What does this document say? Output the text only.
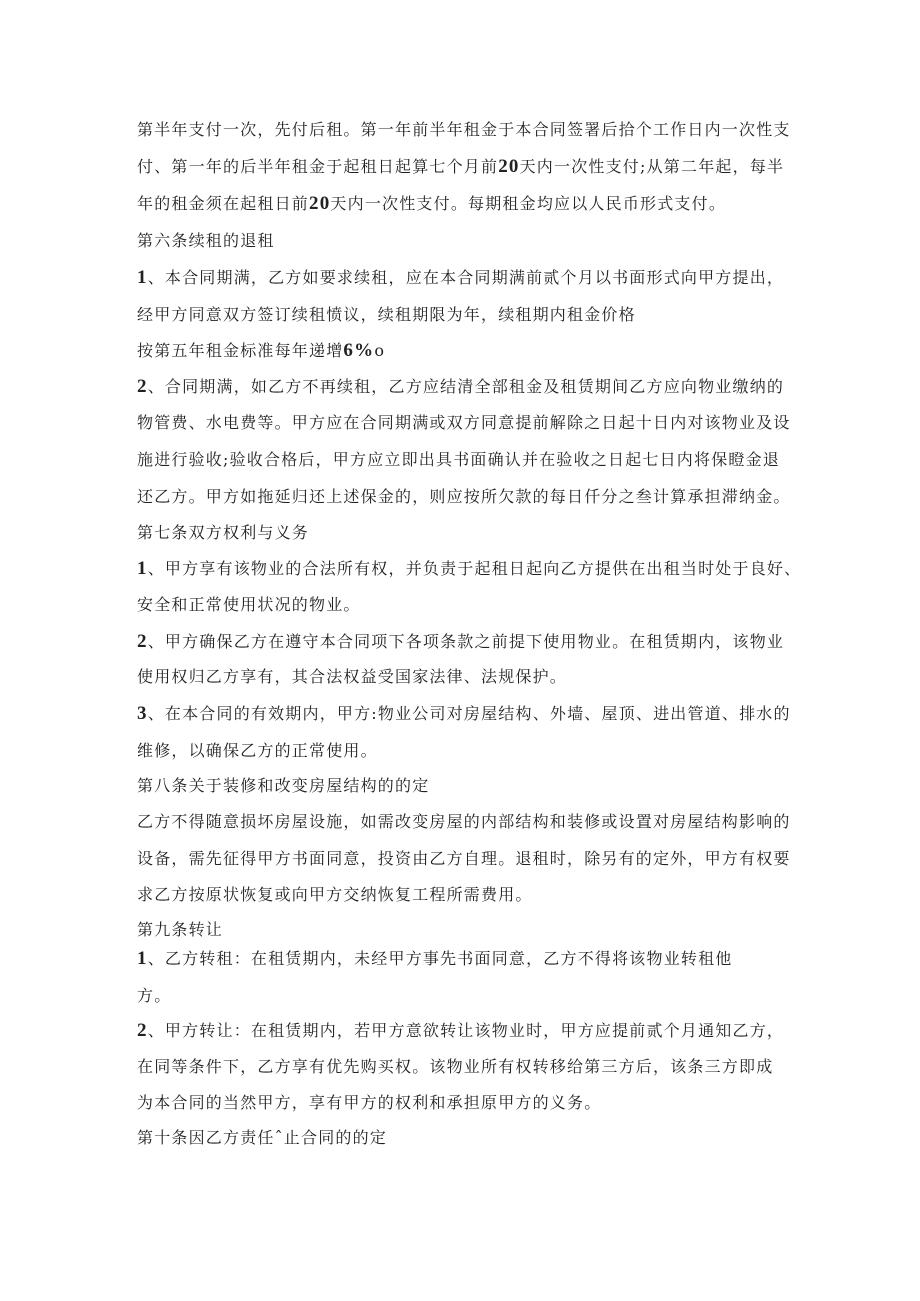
第半年支付一次，先付后租。第一年前半年租金于本合同签署后拾个工作日内一次性支
付、第一年的后半年租金于起租日起算七个月前20天内一次性支付;从第二年起，每半
年的租金须在起租日前20天内一次性支付。每期租金均应以人民币形式支付。
第六条续租的退租
1、本合同期满，乙方如要求续租，应在本合同期满前贰个月以书面形式向甲方提出，
经甲方同意双方签订续租愤议，续租期限为年，续租期内租金价格
按第五年租金标准每年递增6%o
2、合同期满，如乙方不再续租，乙方应结清全部租金及租赁期间乙方应向物业缴纳的
物管费、水电费等。甲方应在合同期满或双方同意提前解除之日起十日内对该物业及设
施进行验收;验收合格后，甲方应立即出具书面确认并在验收之日起七日内将保瞪金退
还乙方。甲方如拖延归还上述保金的，则应按所欠款的每日仟分之叁计算承担滞纳金。
第七条双方权利与义务
1、甲方享有该物业的合法所有权，并负责于起租日起向乙方提供在出租当时处于良好、
安全和正常使用状况的物业。
2、甲方确保乙方在遵守本合同项下各项条款之前提下使用物业。在租赁期内，该物业
使用权归乙方享有，其合法权益受国家法律、法规保护。
3、在本合同的有效期内，甲方:物业公司对房屋结构、外墙、屋顶、进出管道、排水的
维修，以确保乙方的正常使用。
第八条关于装修和改变房屋结构的的定
乙方不得随意损坏房屋设施，如需改变房屋的内部结构和装修或设置对房屋结构影响的
设备，需先征得甲方书面同意，投资由乙方自理。退租时，除另有的定外，甲方有权要
求乙方按原状恢复或向甲方交纳恢复工程所需费用。
第九条转让
1、乙方转租：在租赁期内，未经甲方事先书面同意，乙方不得将该物业转租他
方。
2、甲方转让：在租赁期内，若甲方意欲转让该物业时，甲方应提前贰个月通知乙方，
在同等条件下，乙方享有优先购买权。该物业所有权转移给第三方后，该条三方即成
为本合同的当然甲方，享有甲方的权利和承担原甲方的义务。
第十条因乙方责任ˆ止合同的的定
